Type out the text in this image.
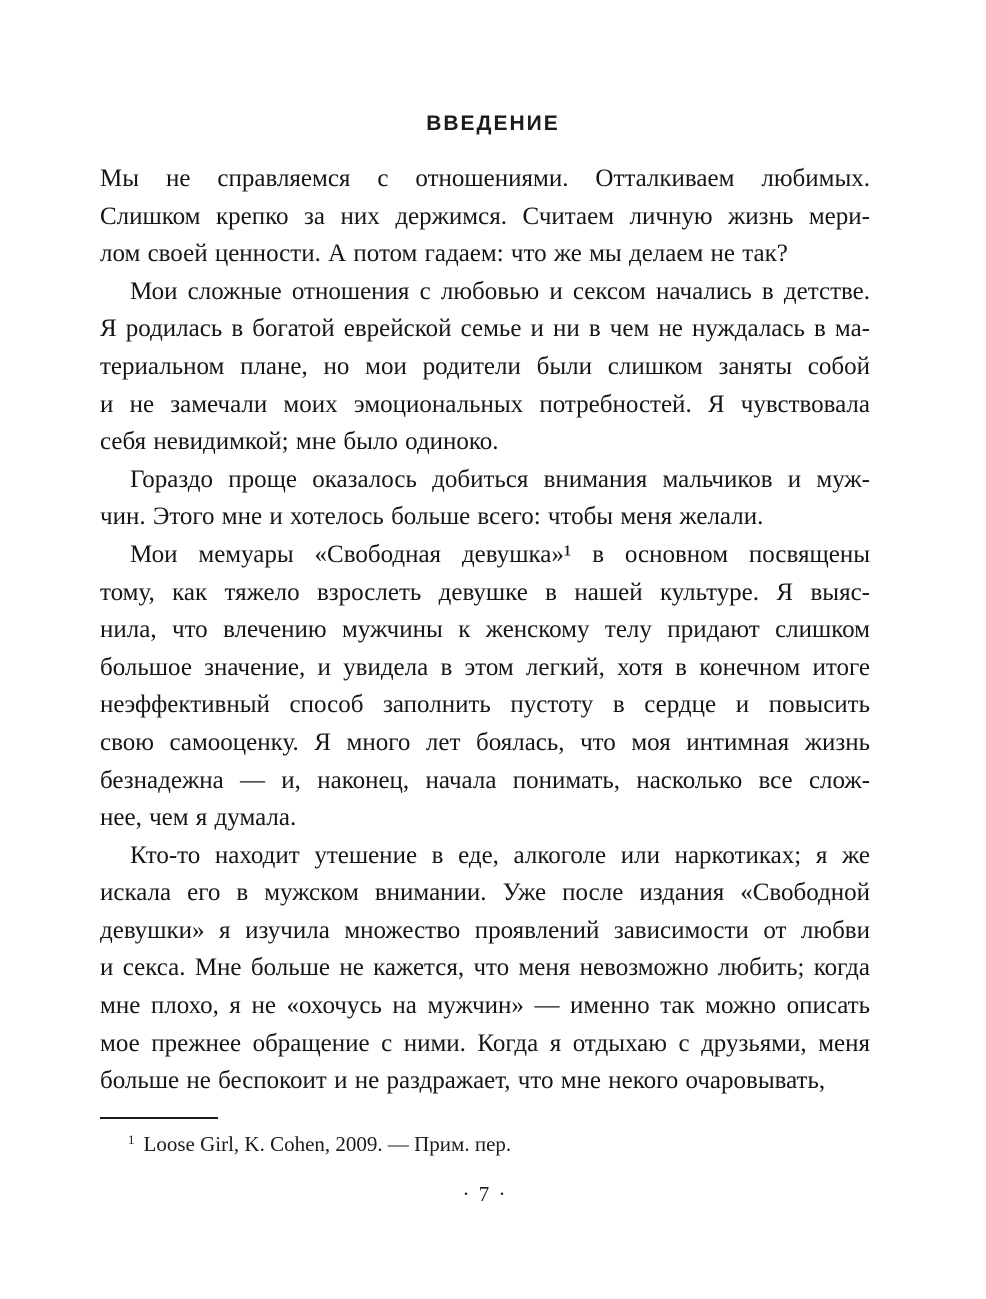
ВВЕДЕНИЕ
Мы не справляемся с отношениями. Отталкиваем любимых.
Слишком крепко за них держимся. Считаем личную жизнь мери-
лом своей ценности. А потом гадаем: что же мы делаем не так?
Мои сложные отношения с любовью и сексом начались в детстве.
Я родилась в богатой еврейской семье и ни в чем не нуждалась в ма-
териальном плане, но мои родители были слишком заняты собой
и не замечали моих эмоциональных потребностей. Я чувствовала
себя невидимкой; мне было одиноко.
Гораздо проще оказалось добиться внимания мальчиков и муж-
чин. Этого мне и хотелось больше всего: чтобы меня желали.
Мои мемуары «Свободная девушка»¹ в основном посвящены
тому, как тяжело взрослеть девушке в нашей культуре. Я выяс-
нила, что влечению мужчины к женскому телу придают слишком
большое значение, и увидела в этом легкий, хотя в конечном итоге
неэффективный способ заполнить пустоту в сердце и повысить
свою самооценку. Я много лет боялась, что моя интимная жизнь
безнадежна — и, наконец, начала понимать, насколько все слож-
нее, чем я думала.
Кто-то находит утешение в еде, алкоголе или наркотиках; я же
искала его в мужском внимании. Уже после издания «Свободной
девушки» я изучила множество проявлений зависимости от любви
и секса. Мне больше не кажется, что меня невозможно любить; когда
мне плохо, я не «охочусь на мужчин» — именно так можно описать
мое прежнее обращение с ними. Когда я отдыхаю с друзьями, меня
больше не беспокоит и не раздражает, что мне некого очаровывать,
$^1$ Loose Girl, K. Cohen, 2009. — Прим. пер.
· 7 ·
